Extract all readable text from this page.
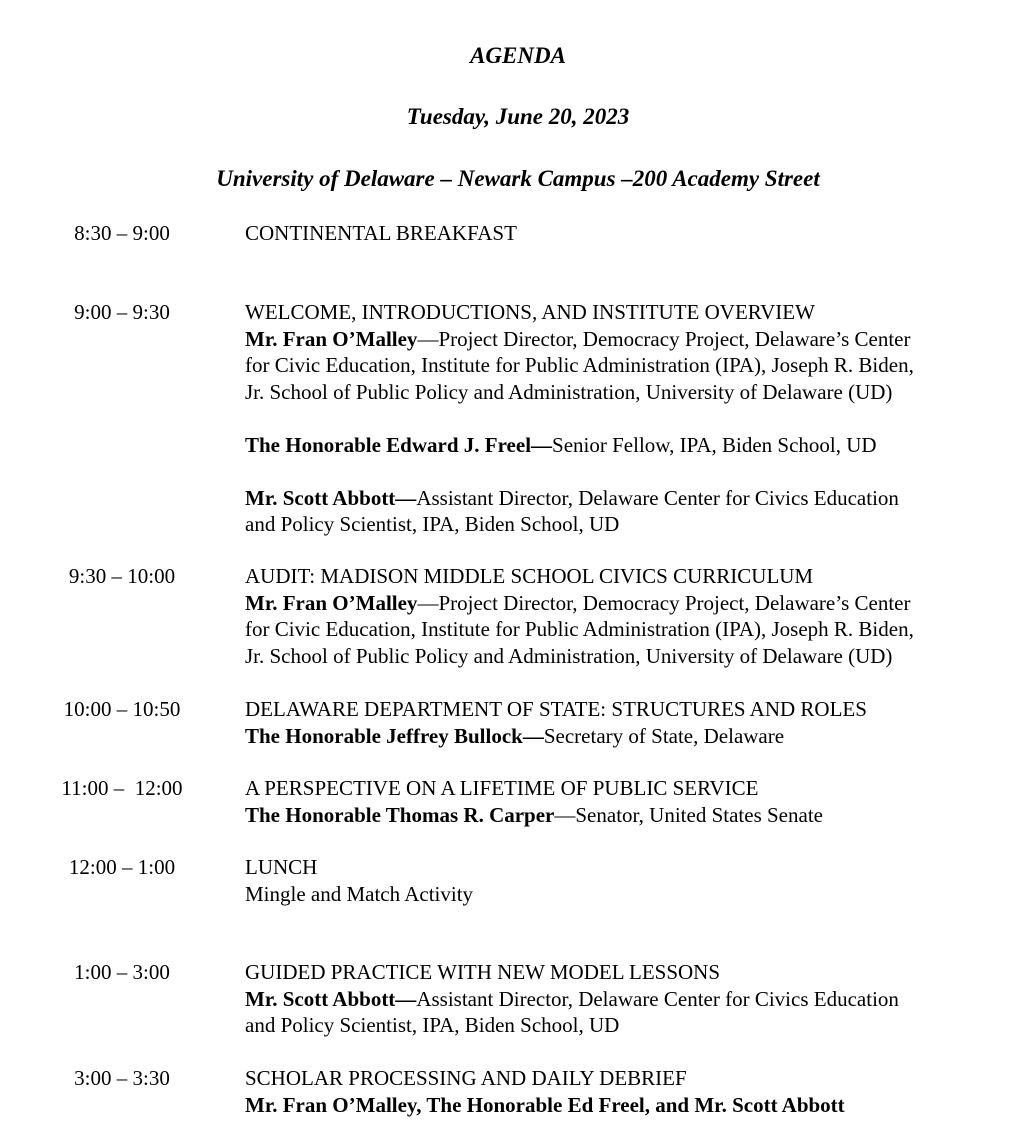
AGENDA

Tuesday, June 20, 2023

University of Delaware – Newark Campus –200 Academy Street

8:30 – 9:00	CONTINENTAL BREAKFAST
9:00 – 9:30	WELCOME, INTRODUCTIONS, AND INSTITUTE OVERVIEW
Mr. Fran O’Malley—Project Director, Democracy Project, Delaware’s Center
for Civic Education, Institute for Public Administration (IPA), Joseph R. Biden,
Jr. School of Public Policy and Administration, University of Delaware (UD)
The Honorable Edward J. Freel—Senior Fellow, IPA, Biden School, UD
Mr. Scott Abbott—Assistant Director, Delaware Center for Civics Education
and Policy Scientist, IPA, Biden School, UD
9:30 – 10:00	AUDIT: MADISON MIDDLE SCHOOL CIVICS CURRICULUM
Mr. Fran O’Malley—Project Director, Democracy Project, Delaware’s Center
for Civic Education, Institute for Public Administration (IPA), Joseph R. Biden,
Jr. School of Public Policy and Administration, University of Delaware (UD)
10:00 – 10:50	DELAWARE DEPARTMENT OF STATE: STRUCTURES AND ROLES
The Honorable Jeffrey Bullock—Secretary of State, Delaware
11:00 –  12:00	A PERSPECTIVE ON A LIFETIME OF PUBLIC SERVICE
The Honorable Thomas R. Carper—Senator, United States Senate
12:00 – 1:00	LUNCH
Mingle and Match Activity
1:00 – 3:00	GUIDED PRACTICE WITH NEW MODEL LESSONS
Mr. Scott Abbott—Assistant Director, Delaware Center for Civics Education
and Policy Scientist, IPA, Biden School, UD
3:00 – 3:30	SCHOLAR PROCESSING AND DAILY DEBRIEF
Mr. Fran O’Malley, The Honorable Ed Freel, and Mr. Scott Abbott
